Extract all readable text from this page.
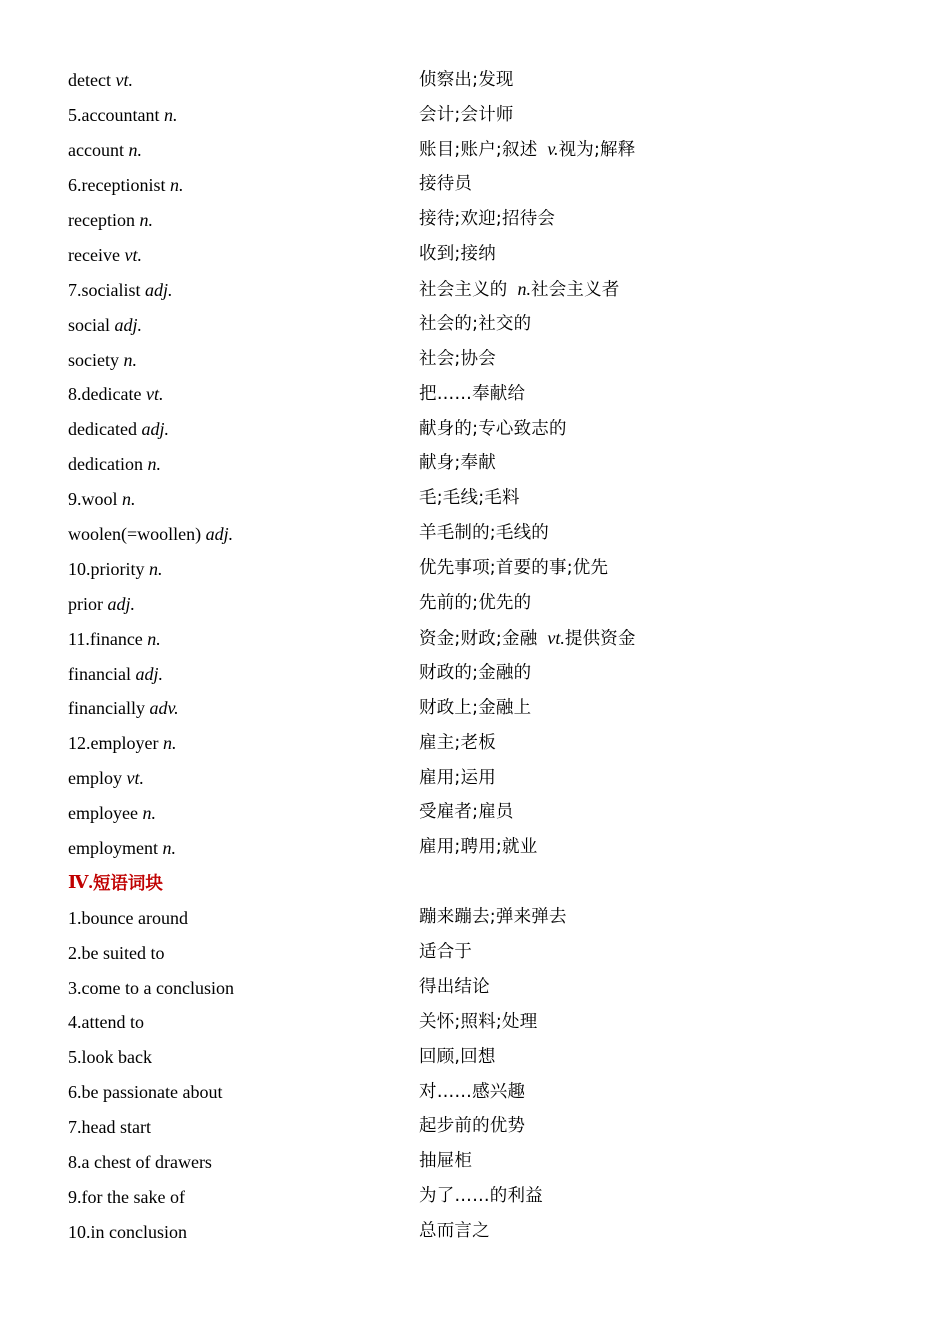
detect vt.	侦察出;发现
5.accountant n.	会计;会计师
account n.	账目;账户;叙述 v.视为;解释
6.receptionist n.	接待员
reception n.	接待;欢迎;招待会
receive vt.	收到;接纳
7.socialist adj.	社会主义的 n.社会主义者
social adj.	社会的;社交的
society n.	社会;协会
8.dedicate vt.	把……奉献给
dedicated adj.	献身的;专心致志的
dedication n.	献身;奉献
9.wool n.	毛;毛线;毛料
woolen(=woollen) adj.	羊毛制的;毛线的
10.priority n.	优先事项;首要的事;优先
prior adj.	先前的;优先的
11.finance n.	资金;财政;金融 vt.提供资金
financial adj.	财政的;金融的
financially adv.	财政上;金融上
12.employer n.	雇主;老板
employ vt.	雇用;运用
employee n.	受雇者;雇员
employment n.	雇用;聘用;就业
Ⅳ. 短语词块
1.bounce around	蹦来蹦去;弹来弹去
2.be suited to	适合于
3.come to a conclusion	得出结论
4.attend to	关怀;照料;处理
5.look back	回顾,回想
6.be passionate about	对……感兴趣
7.head start	起步前的优势
8.a chest of drawers	抽屉柜
9.for the sake of	为了……的利益
10.in conclusion	总而言之
